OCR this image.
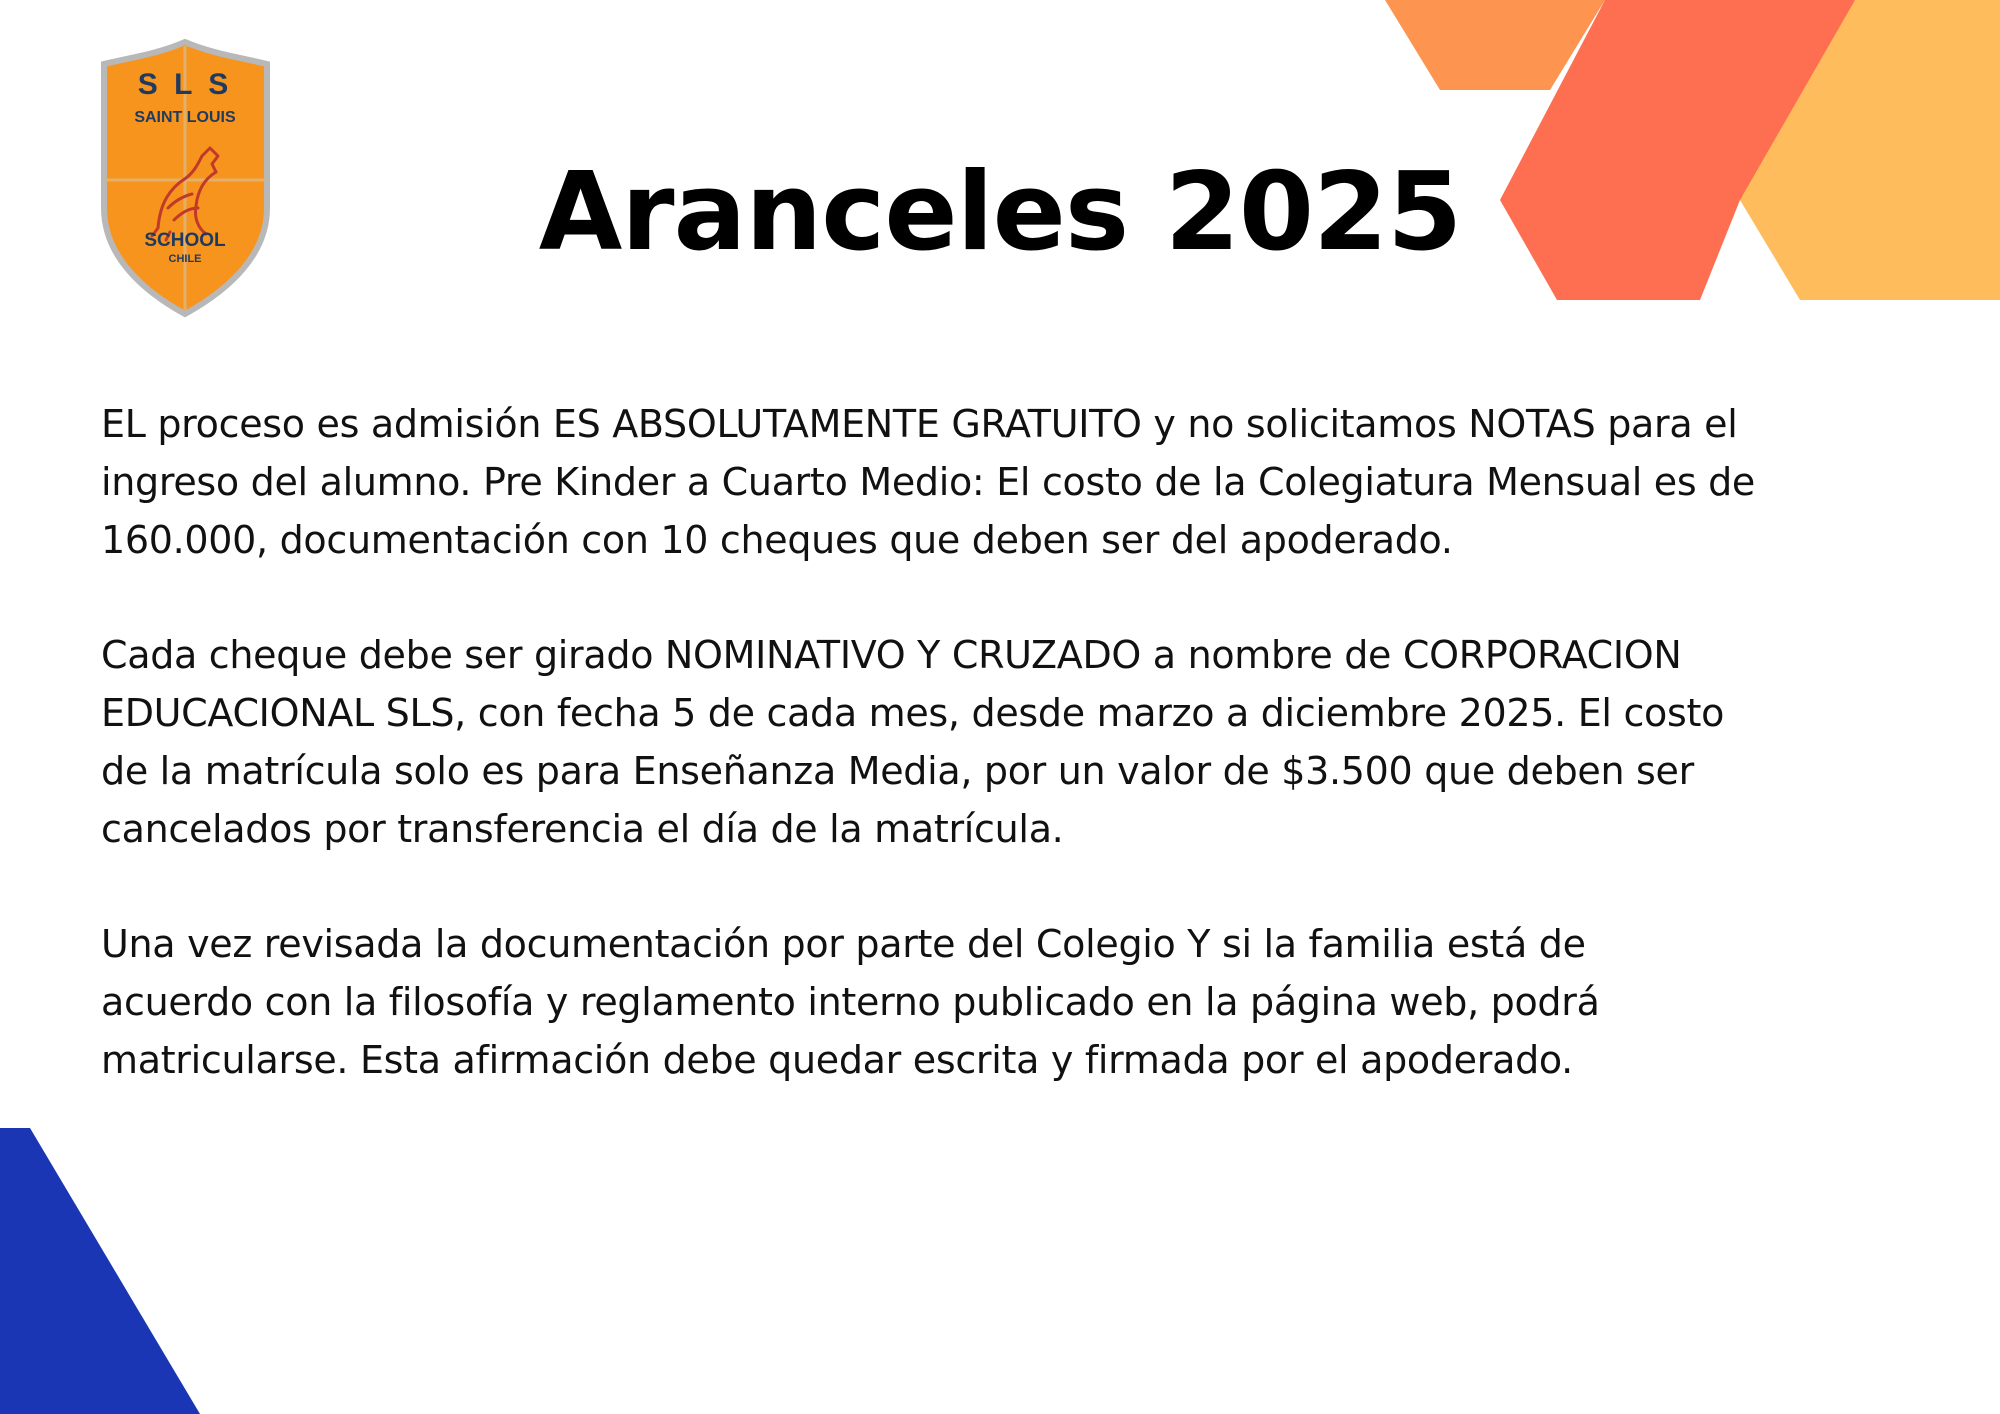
S L S
SAINT LOUIS
SCHOOL
CHILE	Aranceles 2025

EL proceso es admisión ES ABSOLUTAMENTE GRATUITO y no solicitamos NOTAS para el
ingreso del alumno. Pre Kinder a Cuarto Medio: El costo de la Colegiatura Mensual es de
160.000, documentación con 10 cheques que deben ser del apoderado.

Cada cheque debe ser girado NOMINATIVO Y CRUZADO a nombre de CORPORACION
EDUCACIONAL SLS, con fecha 5 de cada mes, desde marzo a diciembre 2025. El costo
de la matrícula solo es para Enseñanza Media, por un valor de $3.500 que deben ser
cancelados por transferencia el día de la matrícula.

Una vez revisada la documentación por parte del Colegio Y si la familia está de
acuerdo con la filosofía y reglamento interno publicado en la página web, podrá
matricularse. Esta afirmación debe quedar escrita y firmada por el apoderado.
